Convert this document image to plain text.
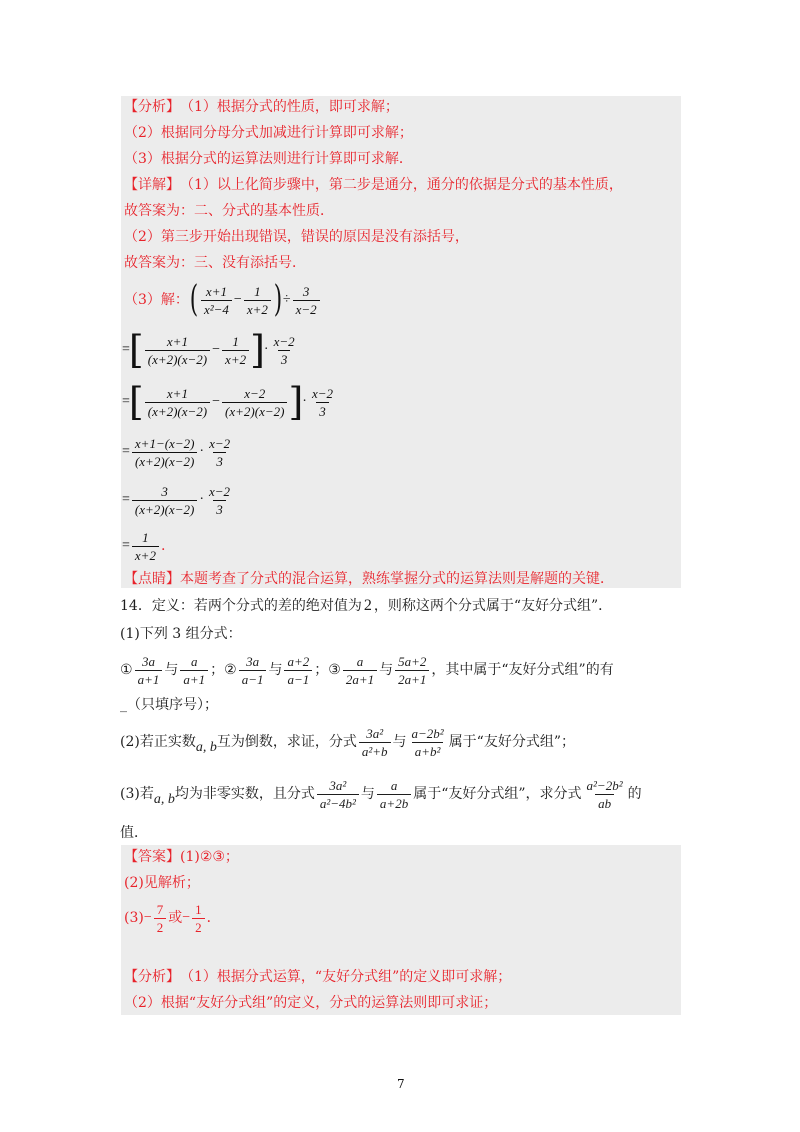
【分析】 （1）根据分式的性质，即可求解；
（2）根据同分母分式加减进行计算即可求解；
（3）根据分式的运算法则进行计算即可求解．
【详解】 （1）以上化简步骤中，第二步是通分，通分的依据是分式的基本性质，
故答案为：二、分式的基本性质．
（2）第三步开始出现错误，错误的原因是没有添括号，
故答案为：三、没有添括号．
（3）解： ( $\frac{x+1}{\text{x²−4}} - \frac{1}{x+2}$ ) ÷ $\frac{3}{x-2}$
= [ $\frac{x+1}{(x+2)(x-2)} - \frac{1}{x+2}$ ] · $\frac{x-2}{3}$
= [ $\frac{x+1}{(x+2)(x-2)} - \frac{x-2}{(x+2)(x-2)}$ ] · $\frac{x-2}{3}$
= $\frac{x+1-(x-2)}{(x+2)(x-2)} \cdot \frac{x-2}{3}$
= $\frac{3}{(x+2)(x-2)} \cdot \frac{x-2}{3}$
= $\frac{1}{x+2}$ .
【点睛】 本题考查了分式的混合运算，熟练掌握分式的运算法则是解题的关键．
14．定义：若两个分式的差的绝对值为 2 ，则称这两个分式属于“友好分式组”．
(1)下列 3 组分式：
① $\frac{3a}{a+1}$ 与 $\frac{a}{a+1}$ ； ② $\frac{3a}{a-1}$ 与 $\frac{a+2}{a-1}$ ； ③ $\frac{a}{2a+1}$ 与 $\frac{5a+2}{2a+1}$ ，其中属于“友好分式组”的有
_（只填序号）；
(2)若正实数 a, b 互为倒数，求证，分式 $\frac{\text{3a²}}{\text{a²+b}}$ 与 $\frac{\text{a−2b²}}{\text{a+b²}}$ 属于“友好分式组”；
(3)若 a, b 均为非零实数，且分式 $\frac{\text{3a²}}{\text{a²−4b²}}$ 与 $\frac{a}{a+2b}$ 属于“友好分式组”，求分式 $\frac{\text{a²−2b²}}{ab}$ 的
值．
【答案】 (1)②③；
(2)见解析；
$(3) - \frac{7}{2}$ 或 − $\frac{1}{2}$ ．
【分析】 （1）根据分式运算，“友好分式组”的定义即可求解；
（2）根据“友好分式组”的定义，分式的运算法则即可求证；
7
